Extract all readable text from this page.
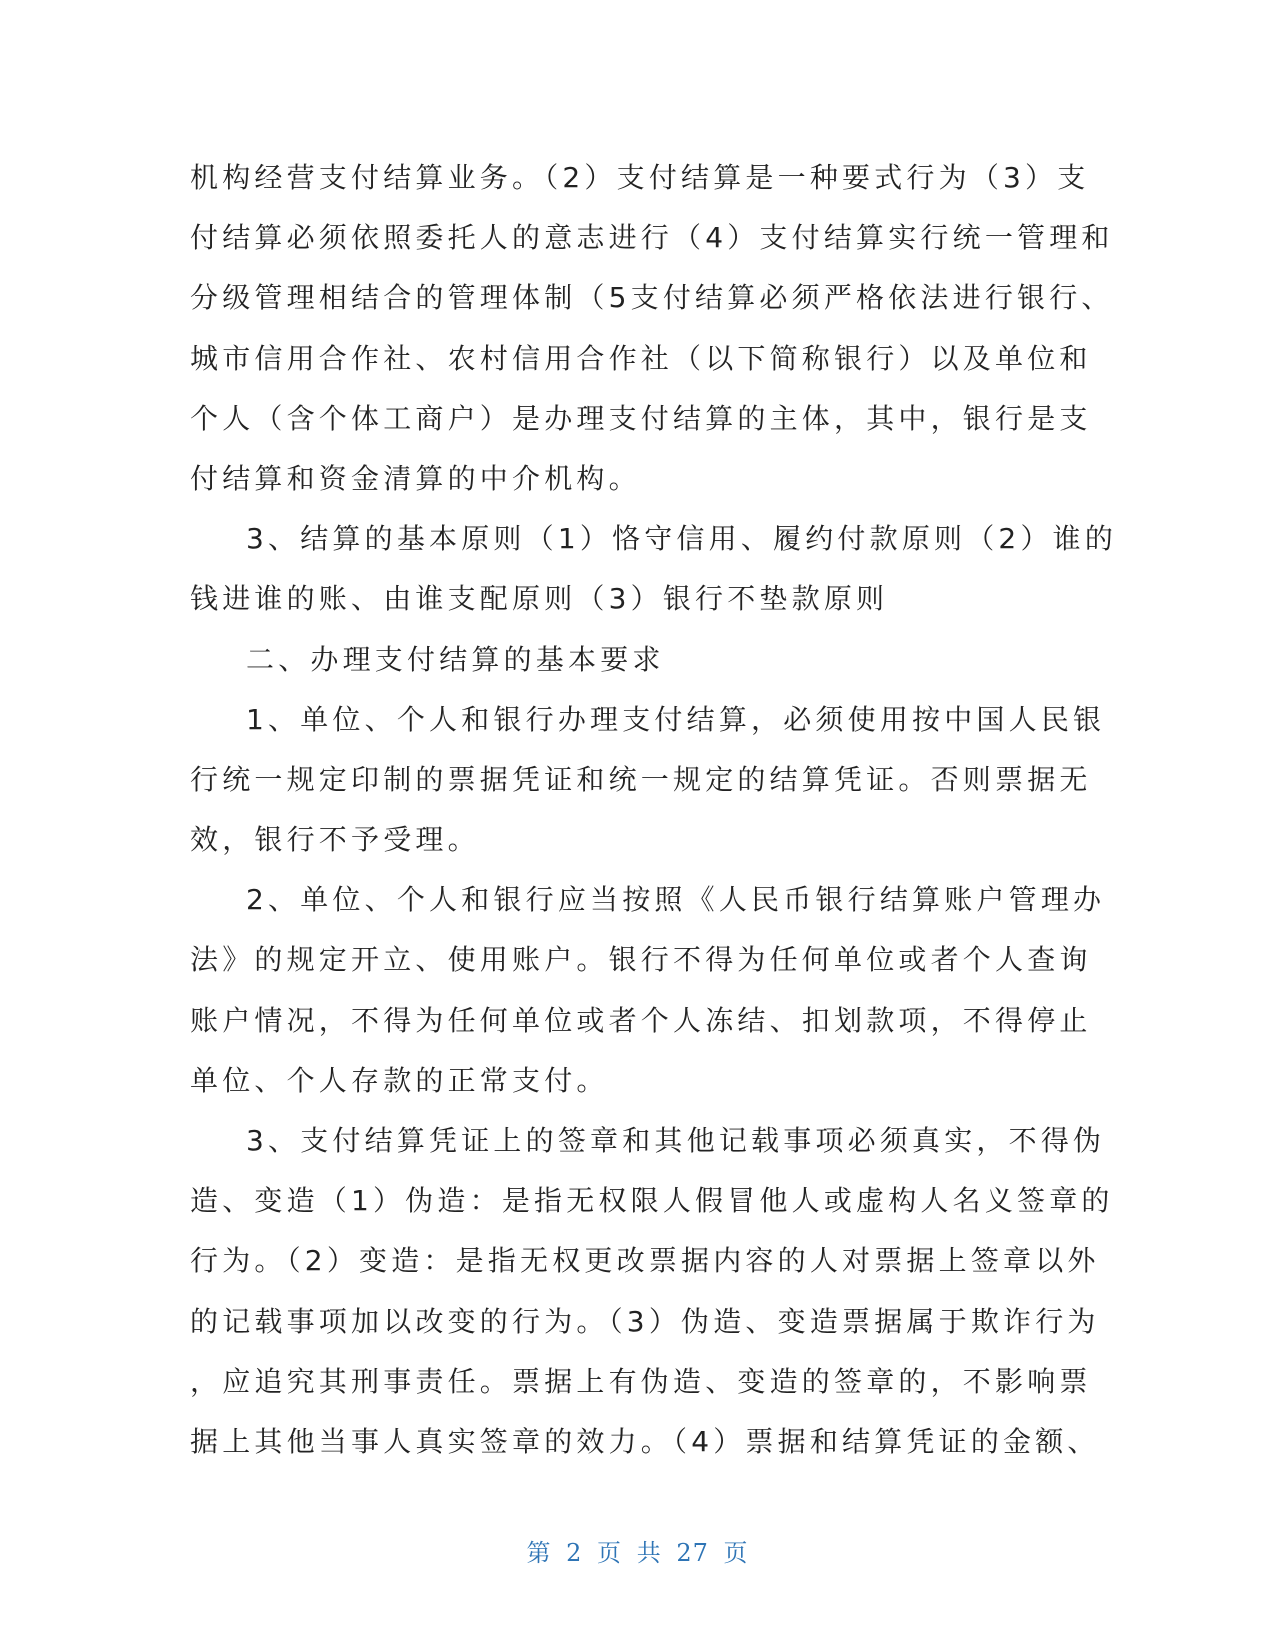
机构经营支付结算业务。（2）支付结算是一种要式行为（3）支
付结算必须依照委托人的意志进行（4）支付结算实行统一管理和
分级管理相结合的管理体制（5支付结算必须严格依法进行银行、
城市信用合作社、农村信用合作社（以下简称银行）以及单位和
个人（含个体工商户）是办理支付结算的主体，其中，银行是支
付结算和资金清算的中介机构。
3、结算的基本原则（1）恪守信用、履约付款原则（2）谁的
钱进谁的账、由谁支配原则（3）银行不垫款原则
二、办理支付结算的基本要求
1、单位、个人和银行办理支付结算，必须使用按中国人民银
行统一规定印制的票据凭证和统一规定的结算凭证。否则票据无
效，银行不予受理。
2、单位、个人和银行应当按照《人民币银行结算账户管理办
法》的规定开立、使用账户。银行不得为任何单位或者个人查询
账户情况，不得为任何单位或者个人冻结、扣划款项，不得停止
单位、个人存款的正常支付。
3、支付结算凭证上的签章和其他记载事项必须真实，不得伪
造、变造（1）伪造：是指无权限人假冒他人或虚构人名义签章的
行为。（2）变造：是指无权更改票据内容的人对票据上签章以外
的记载事项加以改变的行为。（3）伪造、变造票据属于欺诈行为
，应追究其刑事责任。票据上有伪造、变造的签章的，不影响票
据上其他当事人真实签章的效力。（4）票据和结算凭证的金额、
第 2 页 共 27 页
